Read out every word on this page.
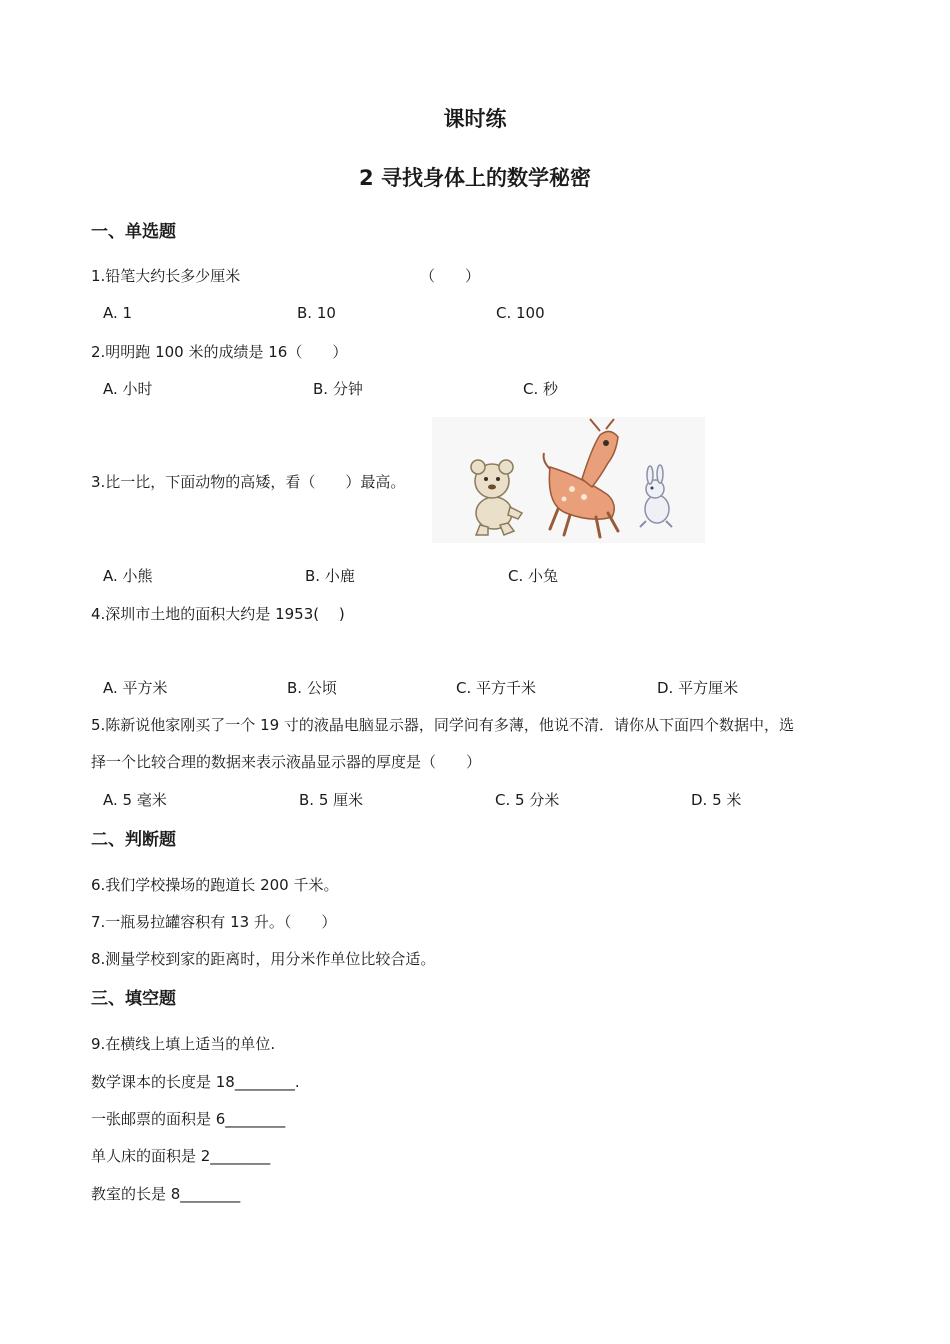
课时练
2 寻找身体上的数学秘密
一、单选题
1.铅笔大约长多少厘米	（　　）
A. 1	B. 10	C. 100
2.明明跑 100 米的成绩是 16（　　）
A. 小时	B. 分钟	C. 秒
3.比一比，下面动物的高矮，看（　　）最高。
A. 小熊	B. 小鹿	C. 小兔
4.深圳市土地的面积大约是 1953(　 )
A. 平方米	B. 公顷	C. 平方千米	D. 平方厘米
5.陈新说他家刚买了一个 19 寸的液晶电脑显示器，同学问有多薄，他说不清．请你从下面四个数据中，选
择一个比较合理的数据来表示液晶显示器的厚度是（　　）
A. 5 毫米	B. 5 厘米	C. 5 分米	D. 5 米
二、判断题
6.我们学校操场的跑道长 200 千米。
7.一瓶易拉罐容积有 13 升。（　　）
8.测量学校到家的距离时，用分米作单位比较合适。
三、填空题
9.在横线上填上适当的单位.
数学课本的长度是 18________.
一张邮票的面积是 6________
单人床的面积是 2________
教室的长是 8________
